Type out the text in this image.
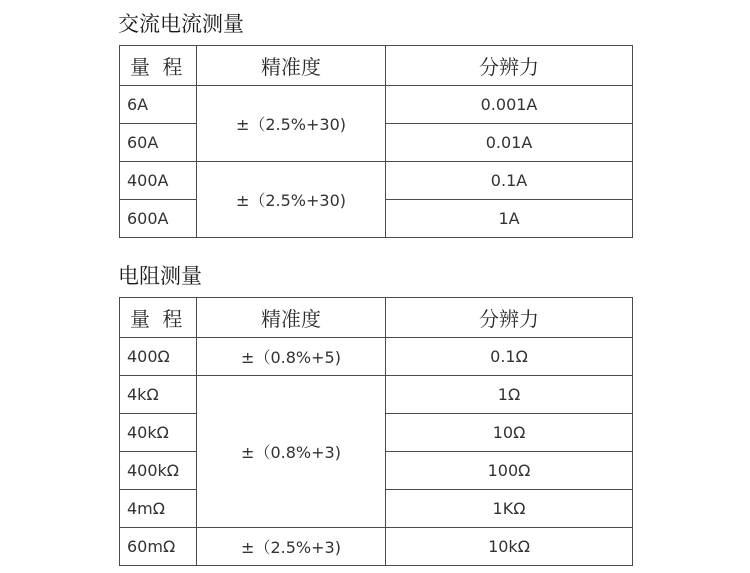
交流电流测量
量 程	精准度	分辨力
6A	±（2.5%+30)	0.001A
60A		0.01A
400A	±（2.5%+30)	0.1A
600A		1A
电阻测量
量 程	精准度	分辨力
400Ω	±（0.8%+5)	0.1Ω
4kΩ	±（0.8%+3)	1Ω
40kΩ		10Ω
400kΩ		100Ω
4mΩ		1KΩ
60mΩ	±（2.5%+3)	10kΩ
